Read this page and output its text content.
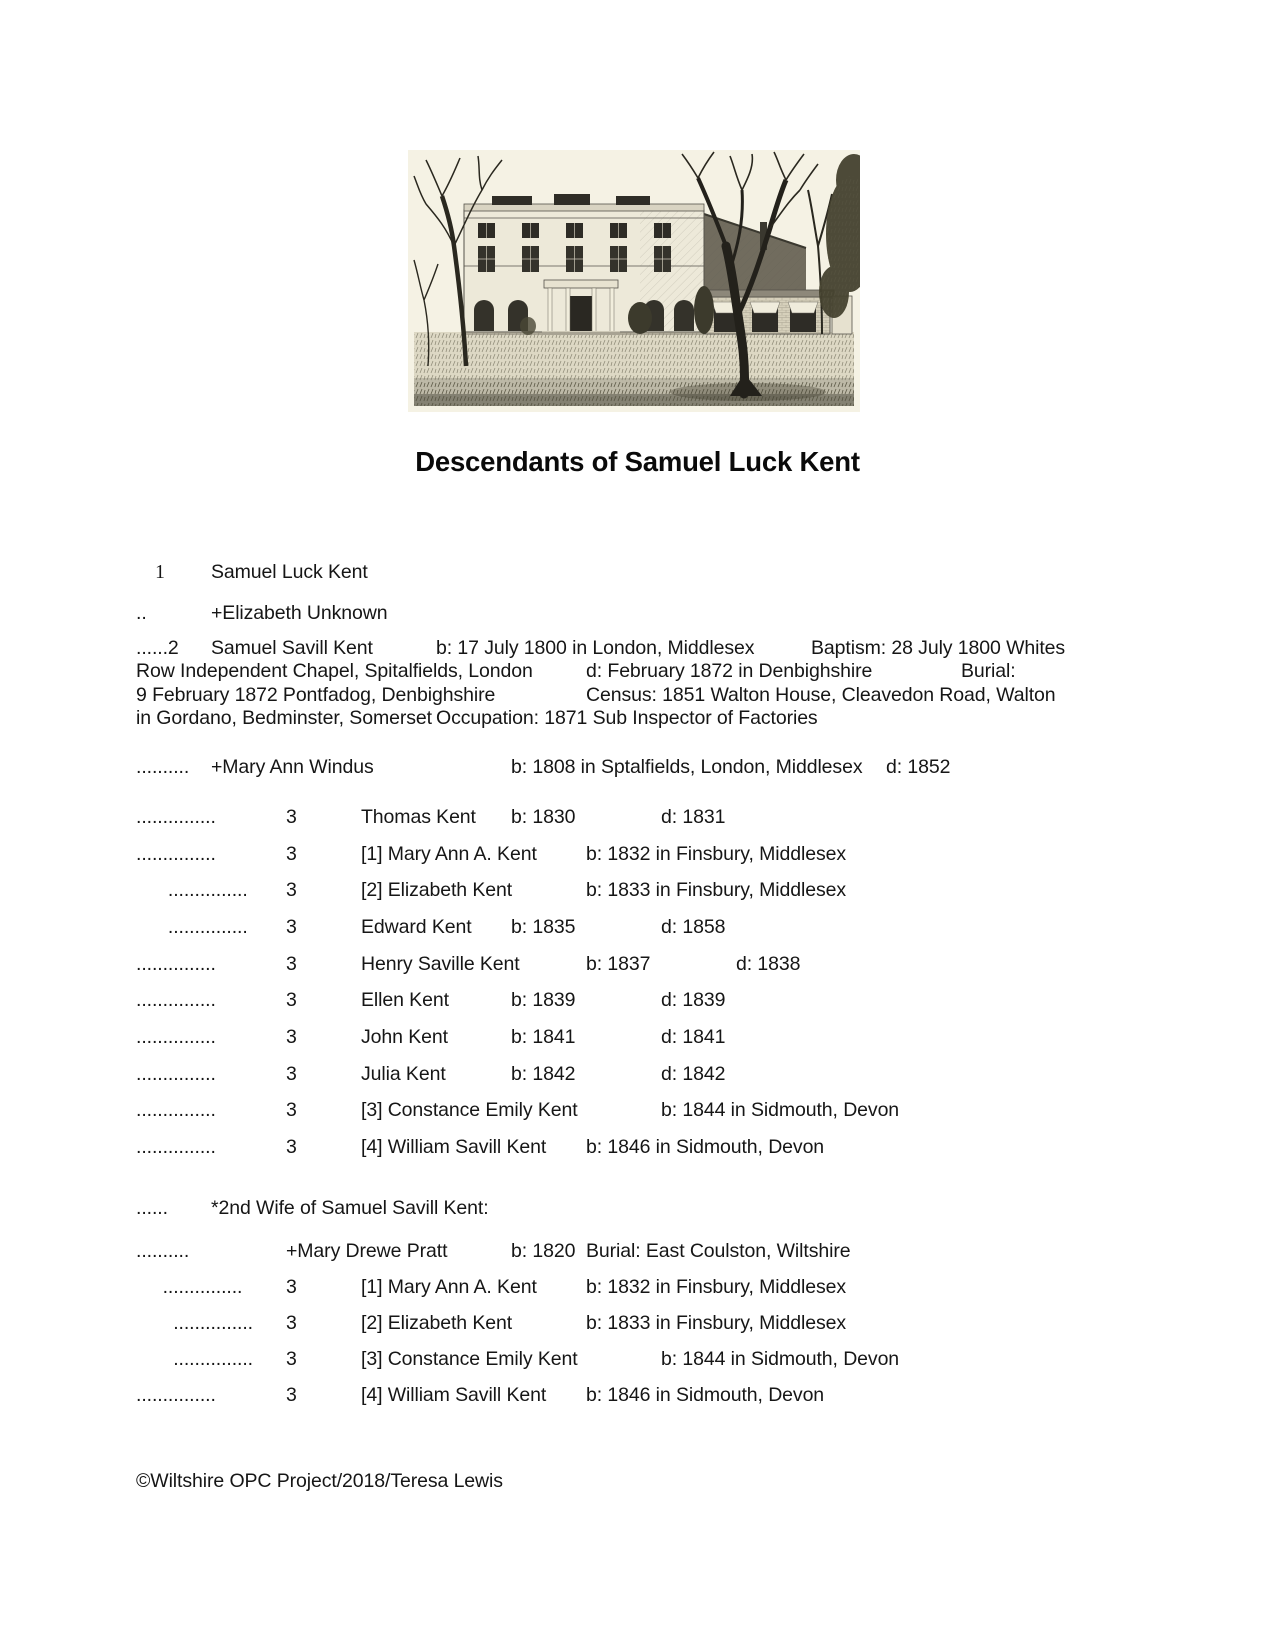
Descendants of Samuel Luck Kent
1	Samuel Luck Kent
..	+Elizabeth Unknown
......2	Samuel Savill Kent	b: 17 July 1800 in London, Middlesex	Baptism: 28 July 1800 Whites
Row Independent Chapel, Spitalfields, London	d: February 1872 in Denbighshire		Burial:
9 February 1872 Pontfadog, Denbighshire		Census: 1851 Walton House, Cleavedon Road, Walton
in Gordano, Bedminster, Somerset	Occupation: 1871 Sub Inspector of Factories
..........	+Mary Ann Windus		b: 1808 in Sptalfields, London, Middlesex	d: 1852
...............	3	Thomas Kent	b: 1830		d: 1831
...............	3	[1] Mary Ann A. Kent	b: 1832 in Finsbury, Middlesex
...............	3	[2] Elizabeth Kent	b: 1833 in Finsbury, Middlesex
...............	3	Edward Kent	b: 1835		d: 1858
...............	3	Henry Saville Kent	b: 1837		d: 1838
...............	3	Ellen Kent	b: 1839		d: 1839
...............	3	John Kent	b: 1841		d: 1841
...............	3	Julia Kent	b: 1842		d: 1842
...............	3	[3] Constance Emily Kent		b: 1844 in Sidmouth, Devon
...............	3	[4] William Savill Kent	b: 1846 in Sidmouth, Devon
......	*2nd Wife of Samuel Savill Kent:
..........		+Mary Drewe Pratt	b: 1820	Burial: East Coulston, Wiltshire
...............	3	[1] Mary Ann A. Kent	b: 1832 in Finsbury, Middlesex
...............	3	[2] Elizabeth Kent	b: 1833 in Finsbury, Middlesex
...............	3	[3] Constance Emily Kent		b: 1844 in Sidmouth, Devon
...............	3	[4] William Savill Kent	b: 1846 in Sidmouth, Devon
©Wiltshire OPC Project/2018/Teresa Lewis
